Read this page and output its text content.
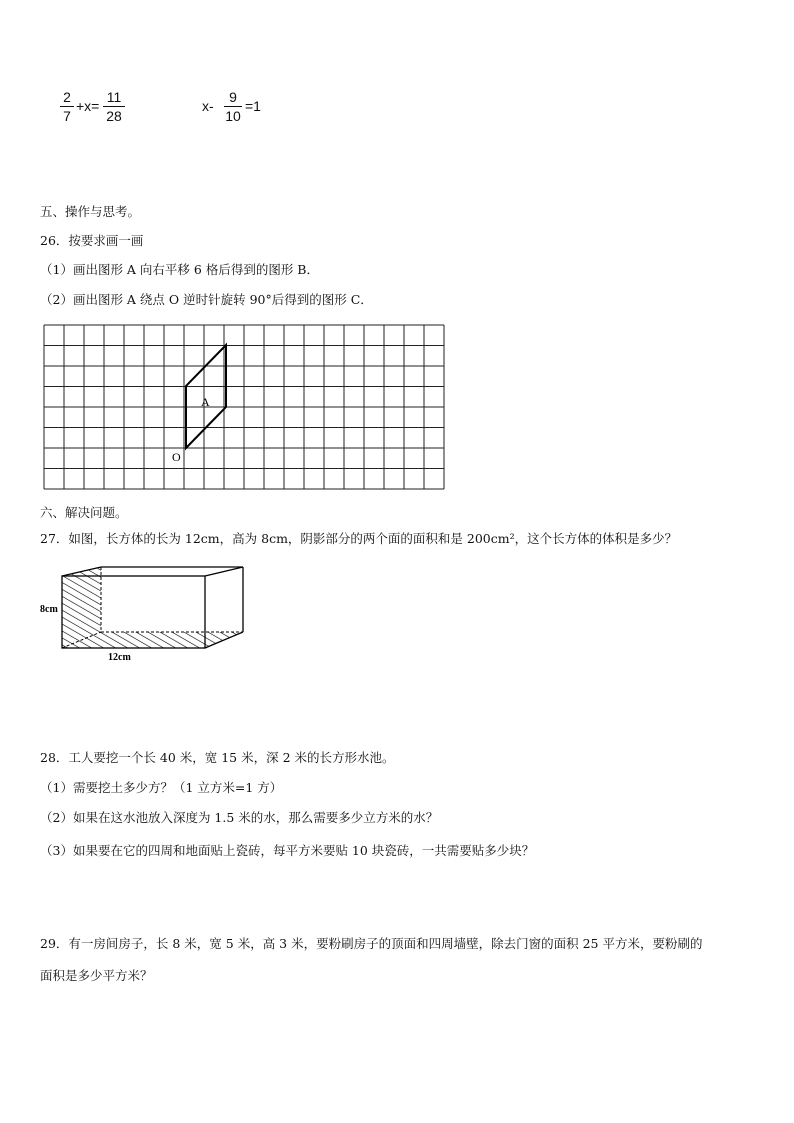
2
7
+x=
11
28
x-
9
10
=1
五、操作与思考。
26．按要求画一画
（1）画出图形 A 向右平移 6 格后得到的图形 B．
（2）画出图形 A 绕点 O 逆时针旋转 90°后得到的图形 C．
A
O
六、解决问题。
27．如图，长方体的长为 12cm，高为 8cm，阴影部分的两个面的面积和是 200cm²，这个长方体的体积是多少？
8cm
12cm
28．工人要挖一个长 40 米，宽 15 米，深 2 米的长方形水池。
（1）需要挖土多少方？（1 立方米=1 方）
（2）如果在这水池放入深度为 1.5 米的水，那么需要多少立方米的水？
（3）如果要在它的四周和地面贴上瓷砖，每平方米要贴 10 块瓷砖，一共需要贴多少块？
29．有一房间房子，长 8 米，宽 5 米，高 3 米，要粉刷房子的顶面和四周墙壁，除去门窗的面积 25 平方米，要粉刷的
面积是多少平方米？
